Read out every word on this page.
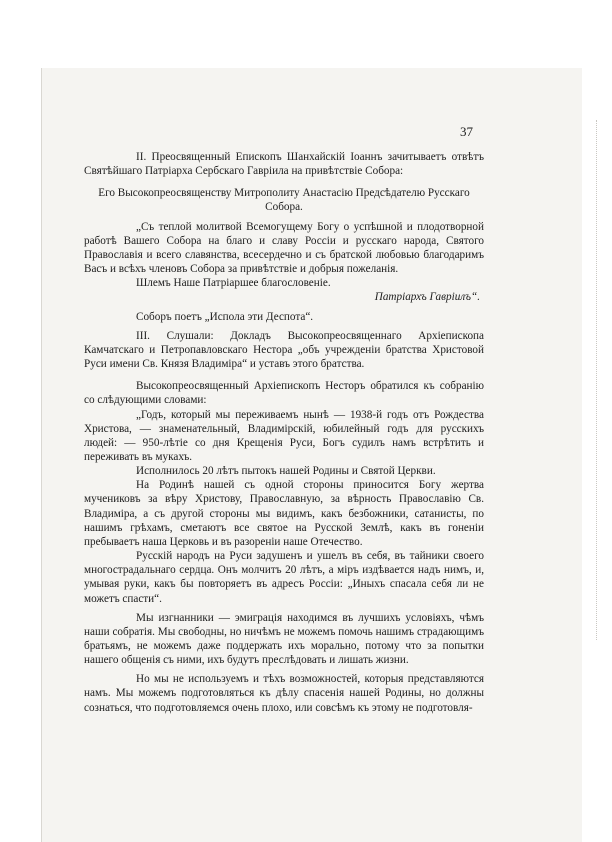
37

II. Преосвященный Епископъ Шанхайскій Іоаннъ зачитываетъ отвѣтъ Святѣйшаго Патріарха Сербскаго Гавріила на привѣтствіе Собора:

Его Высокопреосвященству Митрополиту Анастасію Предсѣдателю Русскаго Собора.

„Съ теплой молитвой Всемогущему Богу о успѣшной и плодотворной работѣ Вашего Собора на благо и славу Россіи и русскаго народа, Святого Православія и всего славянства, всесердечно и съ братской любовью благодаримъ Васъ и всѣхъ членовъ Собора за привѣтствіе и добрыя пожеланія.

Шлемъ Наше Патріаршее благословеніе.

Патріархъ Гавріилъ“.

Соборъ поетъ „Испола эти Деспота“.

III. Слушали: Докладъ Высокопреосвященнаго Архіепископа Камчатскаго и Петропавловскаго Нестора „объ учрежденіи братства Христовой Руси имени Св. Князя Владиміра“ и уставъ этого братства.

Высокопреосвященный Архіепископъ Несторъ обратился къ собранію со слѣдующими словами:

„Годъ, который мы переживаемъ нынѣ — 1938-й годъ отъ Рождества Христова, — знаменательный, Владимірскій, юбилейный годъ для русскихъ людей: — 950-лѣтіе со дня Крещенія Руси, Богъ судилъ намъ встрѣтить и переживать въ мукахъ.

Исполнилось 20 лѣтъ пытокъ нашей Родины и Святой Церкви.

На Родинѣ нашей съ одной стороны приносится Богу жертва мучениковъ за вѣру Христову, Православную, за вѣрность Православію Св. Владиміра, а съ другой стороны мы видимъ, какъ безбожники, сатанисты, по нашимъ грѣхамъ, сметаютъ все святое на Русской Землѣ, какъ въ гоненіи пребываетъ наша Церковь и въ разореніи наше Отечество.

Русскій народъ на Руси задушенъ и ушелъ въ себя, въ тайники своего многострадальнаго сердца. Онъ молчитъ 20 лѣтъ, а міръ издѣвается надъ нимъ, и, умывая руки, какъ бы повторяетъ въ адресъ Россіи: „Иныхъ спасала себя ли не можетъ спасти“.

Мы изгнанники — эмиграція находимся въ лучшихъ условіяхъ, чѣмъ наши собратія. Мы свободны, но ничѣмъ не можемъ помочь нашимъ страдающимъ братьямъ, не можемъ даже поддержать ихъ морально, потому что за попытки нашего общенія съ ними, ихъ будутъ преслѣдовать и лишать жизни.

Но мы не используемъ и тѣхъ возможностей, которыя представляются намъ. Мы можемъ подготовляться къ дѣлу спасенія нашей Родины, но должны сознаться, что подготовляемся очень плохо, или совсѣмъ къ этому не подготовля-
